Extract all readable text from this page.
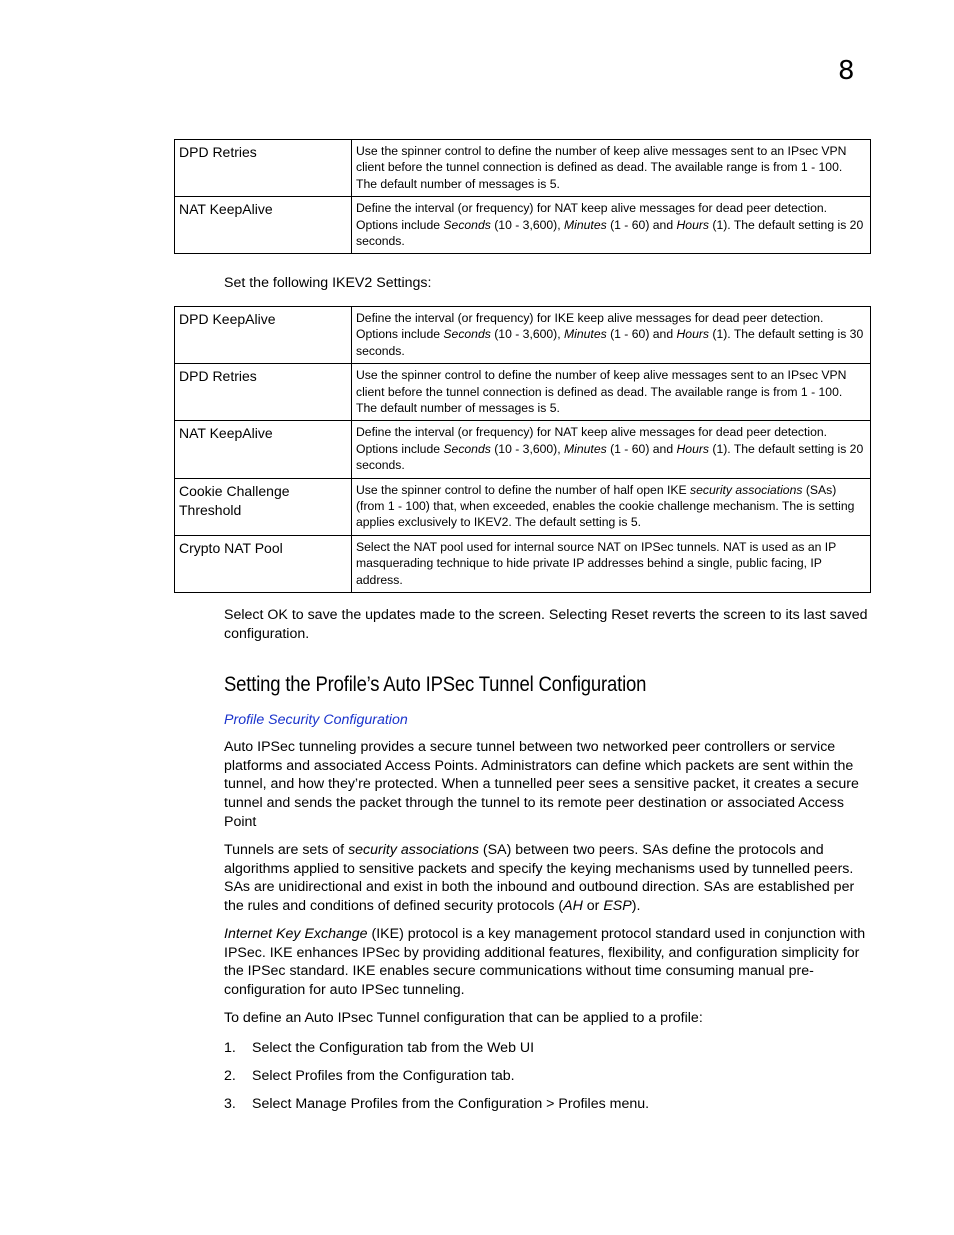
8
DPD Retries	Use the spinner control to define the number of keep alive messages sent to an IPsec VPN client before the tunnel connection is defined as dead. The available range is from 1 - 100. The default number of messages is 5.
NAT KeepAlive	Define the interval (or frequency) for NAT keep alive messages for dead peer detection. Options include Seconds (10 - 3,600), Minutes (1 - 60) and Hours (1). The default setting is 20 seconds.
Set the following IKEV2 Settings:
DPD KeepAlive	Define the interval (or frequency) for IKE keep alive messages for dead peer detection. Options include Seconds (10 - 3,600), Minutes (1 - 60) and Hours (1). The default setting is 30 seconds.
DPD Retries	Use the spinner control to define the number of keep alive messages sent to an IPsec VPN client before the tunnel connection is defined as dead. The available range is from 1 - 100. The default number of messages is 5.
NAT KeepAlive	Define the interval (or frequency) for NAT keep alive messages for dead peer detection. Options include Seconds (10 - 3,600), Minutes (1 - 60) and Hours (1). The default setting is 20 seconds.
Cookie Challenge Threshold	Use the spinner control to define the number of half open IKE security associations (SAs) (from 1 - 100) that, when exceeded, enables the cookie challenge mechanism. The is setting applies exclusively to IKEV2. The default setting is 5.
Crypto NAT Pool	Select the NAT pool used for internal source NAT on IPSec tunnels. NAT is used as an IP masquerading technique to hide private IP addresses behind a single, public facing, IP address.
Select OK to save the updates made to the screen. Selecting Reset reverts the screen to its last saved configuration.
Setting the Profile’s Auto IPSec Tunnel Configuration
Profile Security Configuration
Auto IPSec tunneling provides a secure tunnel between two networked peer controllers or service platforms and associated Access Points. Administrators can define which packets are sent within the tunnel, and how they’re protected. When a tunnelled peer sees a sensitive packet, it creates a secure tunnel and sends the packet through the tunnel to its remote peer destination or associated Access Point
Tunnels are sets of security associations (SA) between two peers. SAs define the protocols and algorithms applied to sensitive packets and specify the keying mechanisms used by tunnelled peers. SAs are unidirectional and exist in both the inbound and outbound direction. SAs are established per the rules and conditions of defined security protocols (AH or ESP).
Internet Key Exchange (IKE) protocol is a key management protocol standard used in conjunction with IPSec. IKE enhances IPSec by providing additional features, flexibility, and configuration simplicity for the IPSec standard. IKE enables secure communications without time consuming manual pre-configuration for auto IPSec tunneling.
To define an Auto IPsec Tunnel configuration that can be applied to a profile:
1.	Select the Configuration tab from the Web UI
2.	Select Profiles from the Configuration tab.
3.	Select Manage Profiles from the Configuration > Profiles menu.
